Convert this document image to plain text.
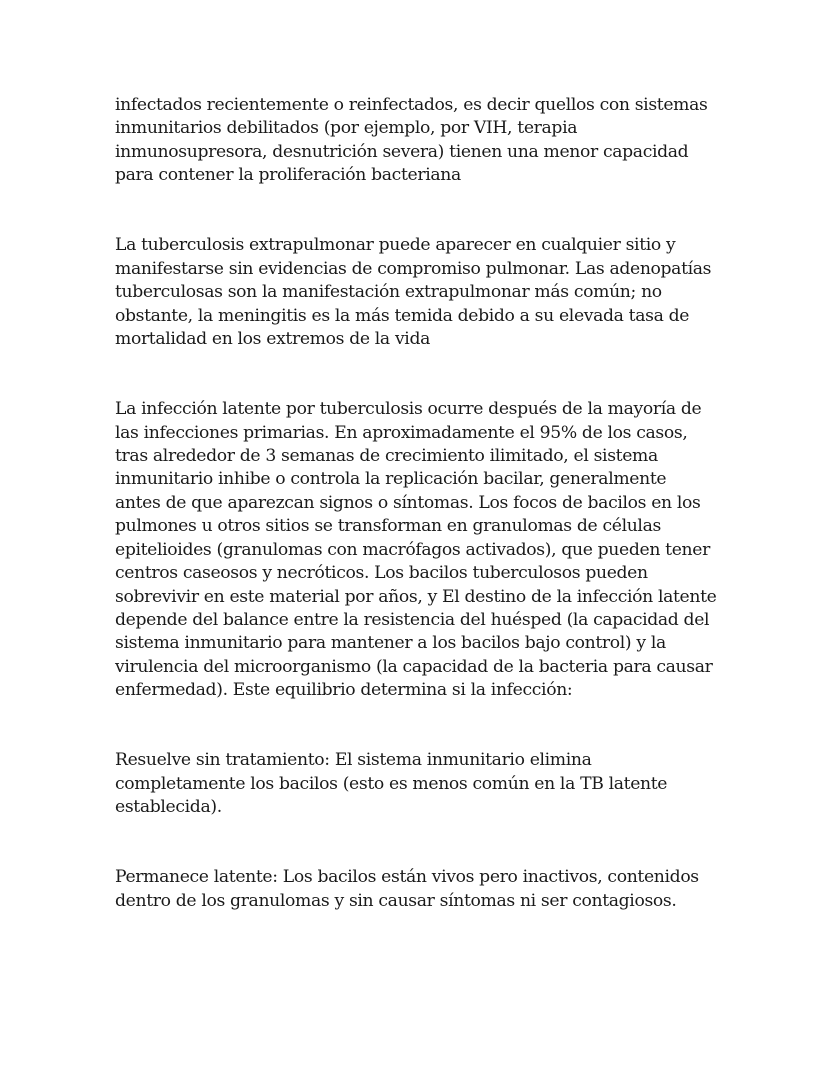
infectados recientemente o reinfectados, es decir quellos con sistemas
inmunitarios debilitados (por ejemplo, por VIH, terapia
inmunosupresora, desnutrición severa) tienen una menor capacidad
para contener la proliferación bacteriana

La tuberculosis extrapulmonar puede aparecer en cualquier sitio y
manifestarse sin evidencias de compromiso pulmonar. Las adenopatías
tuberculosas son la manifestación extrapulmonar más común; no
obstante, la meningitis es la más temida debido a su elevada tasa de
mortalidad en los extremos de la vida

La infección latente por tuberculosis ocurre después de la mayoría de
las infecciones primarias. En aproximadamente el 95% de los casos,
tras alrededor de 3 semanas de crecimiento ilimitado, el sistema
inmunitario inhibe o controla la replicación bacilar, generalmente
antes de que aparezcan signos o síntomas. Los focos de bacilos en los
pulmones u otros sitios se transforman en granulomas de células
epitelioides (granulomas con macrófagos activados), que pueden tener
centros caseosos y necróticos. Los bacilos tuberculosos pueden
sobrevivir en este material por años, y El destino de la infección latente
depende del balance entre la resistencia del huésped (la capacidad del
sistema inmunitario para mantener a los bacilos bajo control) y la
virulencia del microorganismo (la capacidad de la bacteria para causar
enfermedad). Este equilibrio determina si la infección:

Resuelve sin tratamiento: El sistema inmunitario elimina
completamente los bacilos (esto es menos común en la TB latente
establecida).

Permanece latente: Los bacilos están vivos pero inactivos, contenidos
dentro de los granulomas y sin causar síntomas ni ser contagiosos.
